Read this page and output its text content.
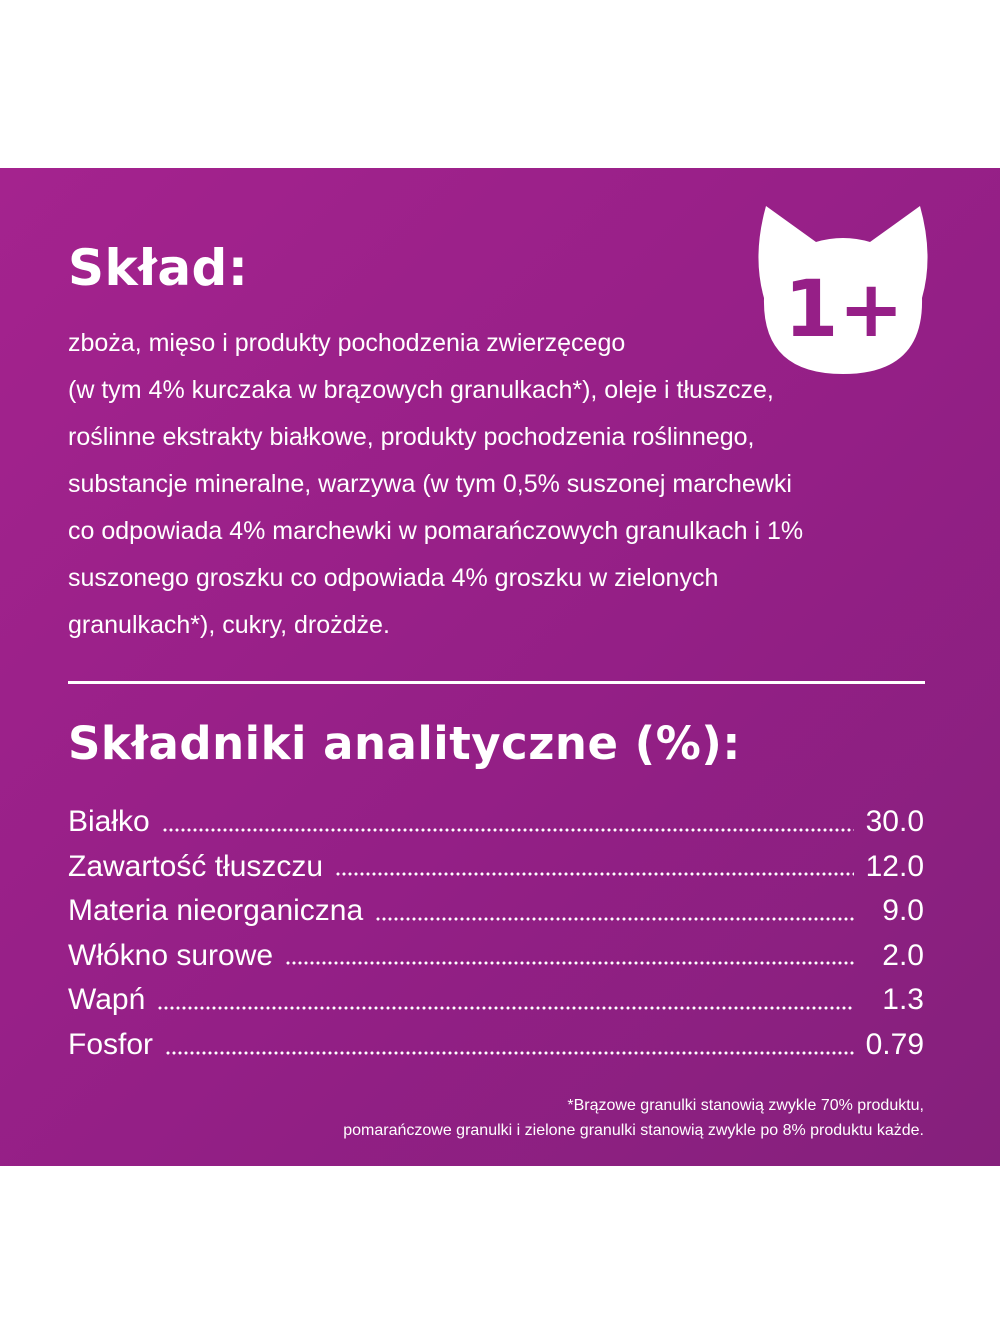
1+
Skład:
zboża, mięso i produkty pochodzenia zwierzęcego
(w tym 4% kurczaka w brązowych granulkach*), oleje i tłuszcze,
roślinne ekstrakty białkowe, produkty pochodzenia roślinnego,
substancje mineralne, warzywa (w tym 0,5% suszonej marchewki
co odpowiada 4% marchewki w pomarańczowych granulkach i 1%
suszonego groszku co odpowiada 4% groszku w zielonych
granulkach*), cukry, drożdże.
Składniki analityczne (%):
Białko	30.0
Zawartość tłuszczu	12.0
Materia nieorganiczna	9.0
Włókno surowe	2.0
Wapń	1.3
Fosfor	0.79
*Brązowe granulki stanowią zwykle 70% produktu,
pomarańczowe granulki i zielone granulki stanowią zwykle po 8% produktu każde.
